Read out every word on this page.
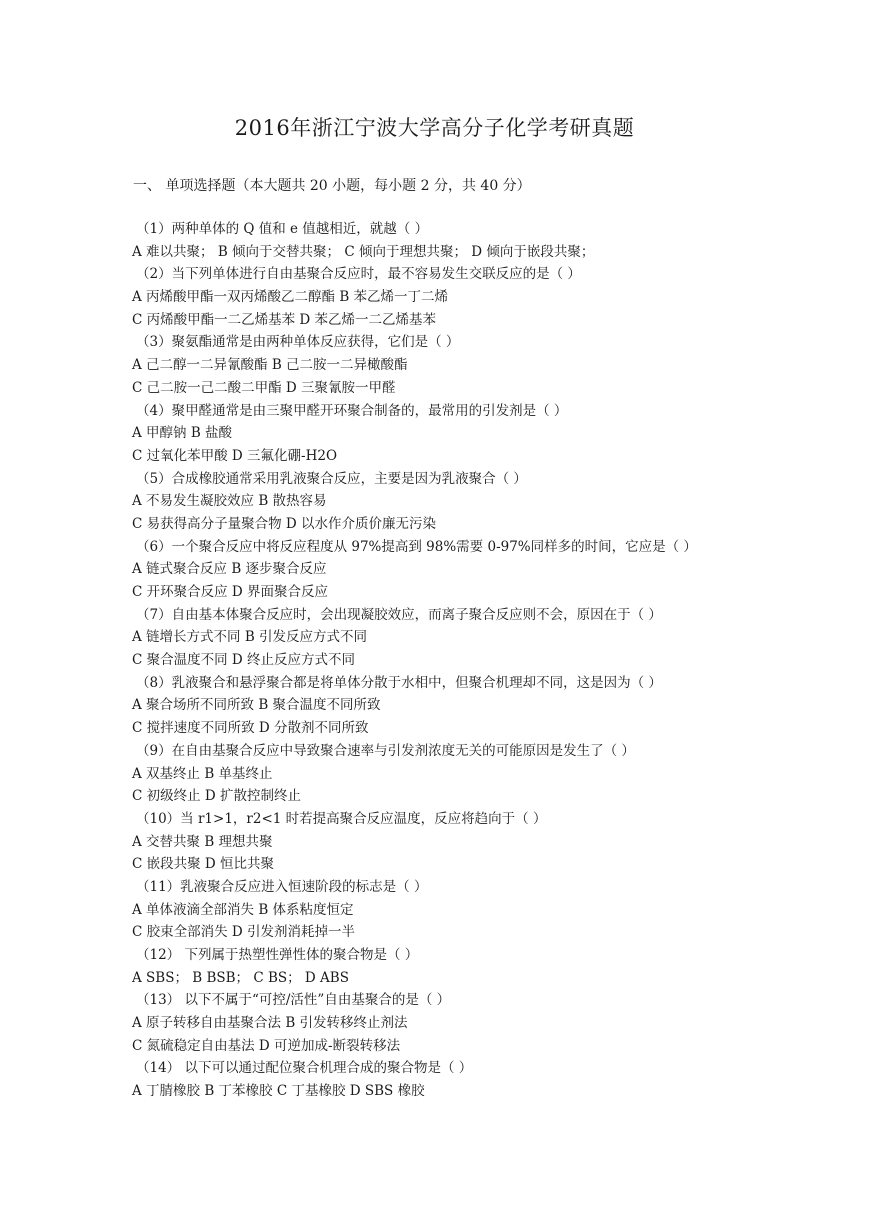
2016年浙江宁波大学高分子化学考研真题
一、 单项选择题（本大题共 20 小题，每小题 2 分，共 40 分）
（1）两种单体的 Q 值和 e 值越相近，就越（ ）
A 难以共聚； B 倾向于交替共聚； C 倾向于理想共聚； D 倾向于嵌段共聚；
（2）当下列单体进行自由基聚合反应时，最不容易发生交联反应的是（ ）
A 丙烯酸甲酯一双丙烯酸乙二醇酯 B 苯乙烯一丁二烯
C 丙烯酸甲酯一二乙烯基苯 D 苯乙烯一二乙烯基苯
（3）聚氨酯通常是由两种单体反应获得，它们是（ ）
A 己二醇一二异氰酸酯 B 己二胺一二异橄酸酯
C 己二胺一己二酸二甲酯 D 三聚氰胺一甲醛
（4）聚甲醛通常是由三聚甲醛开环聚合制备的，最常用的引发剂是（ ）
A 甲醇钠 B 盐酸
C 过氧化苯甲酸 D 三氟化硼-H2O
（5）合成橡胶通常采用乳液聚合反应，主要是因为乳液聚合（ ）
A 不易发生凝胶效应 B 散热容易
C 易获得高分子量聚合物 D 以水作介质价廉无污染
（6）一个聚合反应中将反应程度从 97%提高到 98%需要 0-97%同样多的时间，它应是（ ）
A 链式聚合反应 B 逐步聚合反应
C 开环聚合反应 D 界面聚合反应
（7）自由基本体聚合反应时，会出现凝胶效应，而离子聚合反应则不会，原因在于（ ）
A 链增长方式不同 B 引发反应方式不同
C 聚合温度不同 D 终止反应方式不同
（8）乳液聚合和悬浮聚合都是将单体分散于水相中，但聚合机理却不同，这是因为（ ）
A 聚合场所不同所致 B 聚合温度不同所致
C 搅拌速度不同所致 D 分散剂不同所致
（9）在自由基聚合反应中导致聚合速率与引发剂浓度无关的可能原因是发生了（ ）
A 双基终止 B 单基终止
C 初级终止 D 扩散控制终止
（10）当 r1>1，r2<1 时若提高聚合反应温度，反应将趋向于（ ）
A 交替共聚 B 理想共聚
C 嵌段共聚 D 恒比共聚
（11）乳液聚合反应进入恒速阶段的标志是（ ）
A 单体液滴全部消失 B 体系粘度恒定
C 胶束全部消失 D 引发剂消耗掉一半
（12） 下列属于热塑性弹性体的聚合物是（ ）
A SBS； B BSB； C BS； D ABS
（13） 以下不属于“可控/活性”自由基聚合的是（ ）
A 原子转移自由基聚合法 B 引发转移终止剂法
C 氮硫稳定自由基法 D 可逆加成-断裂转移法
（14） 以下可以通过配位聚合机理合成的聚合物是（ ）
A 丁腈橡胶 B 丁苯橡胶 C 丁基橡胶 D SBS 橡胶
